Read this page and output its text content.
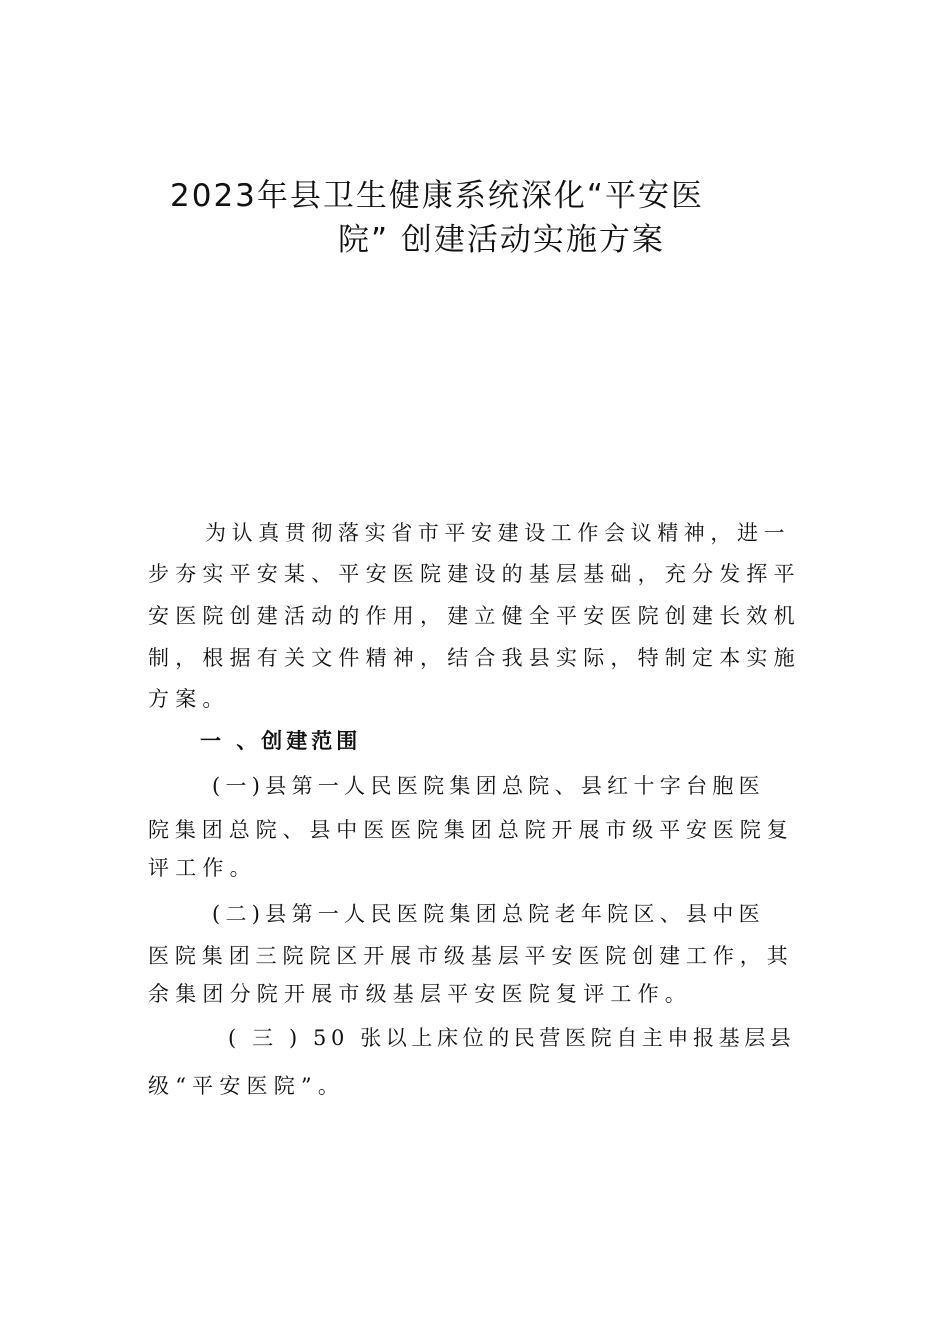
2023年县卫生健康系统深化“平安医
院” 创建活动实施方案
为认真贯彻落实省市平安建设工作会议精神，进一
步夯实平安某、平安医院建设的基层基础，充分发挥平
安医院创建活动的作用，建立健全平安医院创建长效机
制，根据有关文件精神，结合我县实际，特制定本实施
方案。
一 、创建范围
(一)县第一人民医院集团总院、县红十字台胞医
院集团总院、县中医医院集团总院开展市级平安医院复
评工作。
(二)县第一人民医院集团总院老年院区、县中医
医院集团三院院区开展市级基层平安医院创建工作，其
余集团分院开展市级基层平安医院复评工作。
( 三 ) 50 张以上床位的民营医院自主申报基层县
级“平安医院”。
